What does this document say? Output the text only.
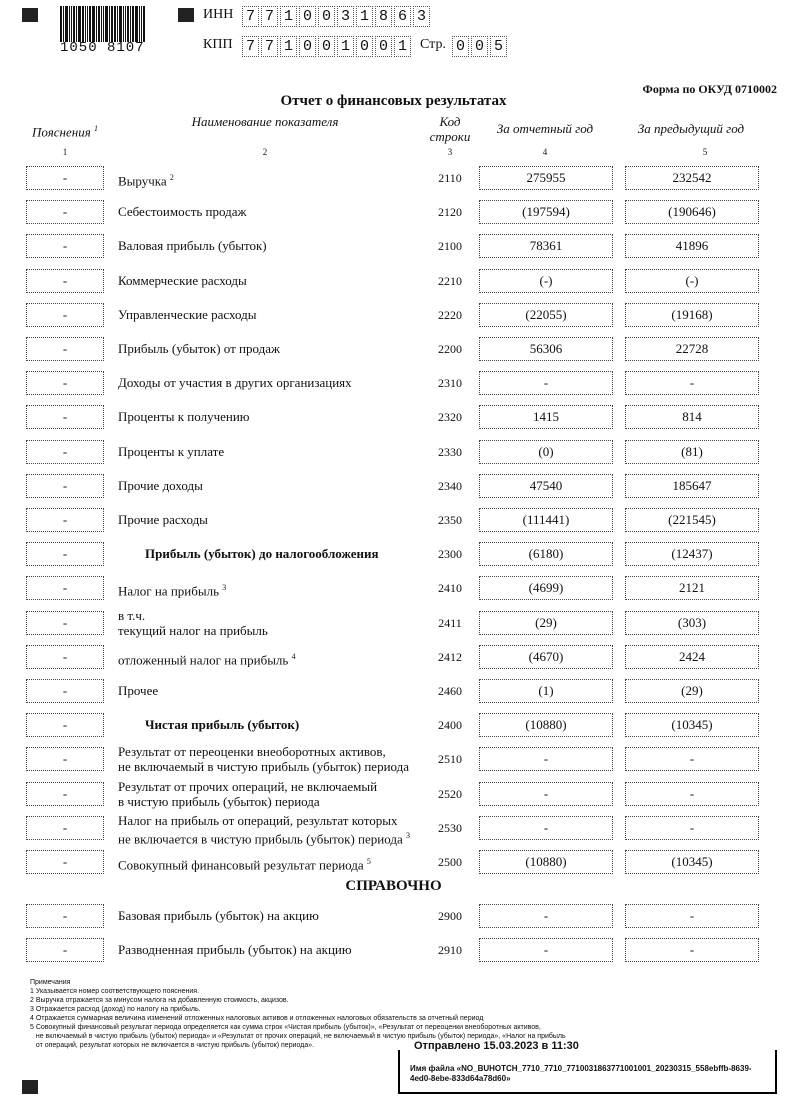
1050 8107
ИНН 7 7 1 0 0 3 1 8 6 3
КПП 7 7 1 0 0 1 0 0 1 Стр. 0 0 5
Форма по ОКУД 0710002
Отчет о финансовых результатах
Пояснения $^1$	Наименование показателя	Код строки
За отчетный год	За предыдущий год
1	2	3	4	5
-	Выручка $^2$	2110	275955	232542
-	Себестоимость продаж	2120	(197594)	(190646)
-	Валовая прибыль (убыток)	2100	78361	41896
-	Коммерческие расходы	2210	(-)	(-)
-	Управленческие расходы	2220	(22055)	(19168)
-	Прибыль (убыток) от продаж	2200	56306	22728
-	Доходы от участия в других организациях	2310	-	-
-	Проценты к получению	2320	1415	814
-	Проценты к уплате	2330	(0)	(81)
-	Прочие доходы	2340	47540	185647
-	Прочие расходы	2350	(111441)	(221545)
-	Прибыль (убыток) до налогообложения	2300	(6180)	(12437)
-	Налог на прибыль $^3$	2410	(4699)	2121
-	в т.ч.
текущий налог на прибыль	2411	(29)	(303)
-	отложенный налог на прибыль $^4$	2412	(4670)	2424
-	Прочее	2460	(1)	(29)
-	Чистая прибыль (убыток)	2400	(10880)	(10345)
-	Результат от переоценки внеоборотных активов,
не включаемый в чистую прибыль (убыток) периода	2510	-	-
-	Результат от прочих операций, не включаемый
в чистую прибыль (убыток) периода	2520	-	-
-	Налог на прибыль от операций, результат которых
не включается в чистую прибыль (убыток) периода $^3$
2530	-	-
-	Совокупный финансовый результат периода $^5$	2500	(10880)	(10345)
СПРАВОЧНО
-	Базовая прибыль (убыток) на акцию	2900	-	-
-	Разводненная прибыль (убыток) на акцию	2910	-	-
Примечания
1 Указывается номер соответствующего пояснения.
2 Выручка отражается за минусом налога на добавленную стоимость, акцизов.
3 Отражается расход (доход) по налогу на прибыль.
4 Отражается суммарная величина изменений отложенных налоговых активов и отложенных налоговых обязательств за отчетный период
5 Совокупный финансовый результат периода определяется как сумма строк «Чистая прибыль (убыток)», «Результат от переоценки внеоборотных активов,
не включаемый в чистую прибыль (убыток) периода» и «Результат от прочих операций, не включаемый в чистую прибыль (убыток) периода», «Налог на прибыль
от операций, результат которых не включается в чистую прибыль (убыток) периода».	Отправлено 15.03.2023 в 11:30
Имя файла «NO_BUHOTCH_7710_7710_7710031863771001001_20230315_558ebffb-8639-4ed0-8ebe-833d64a78d60»
